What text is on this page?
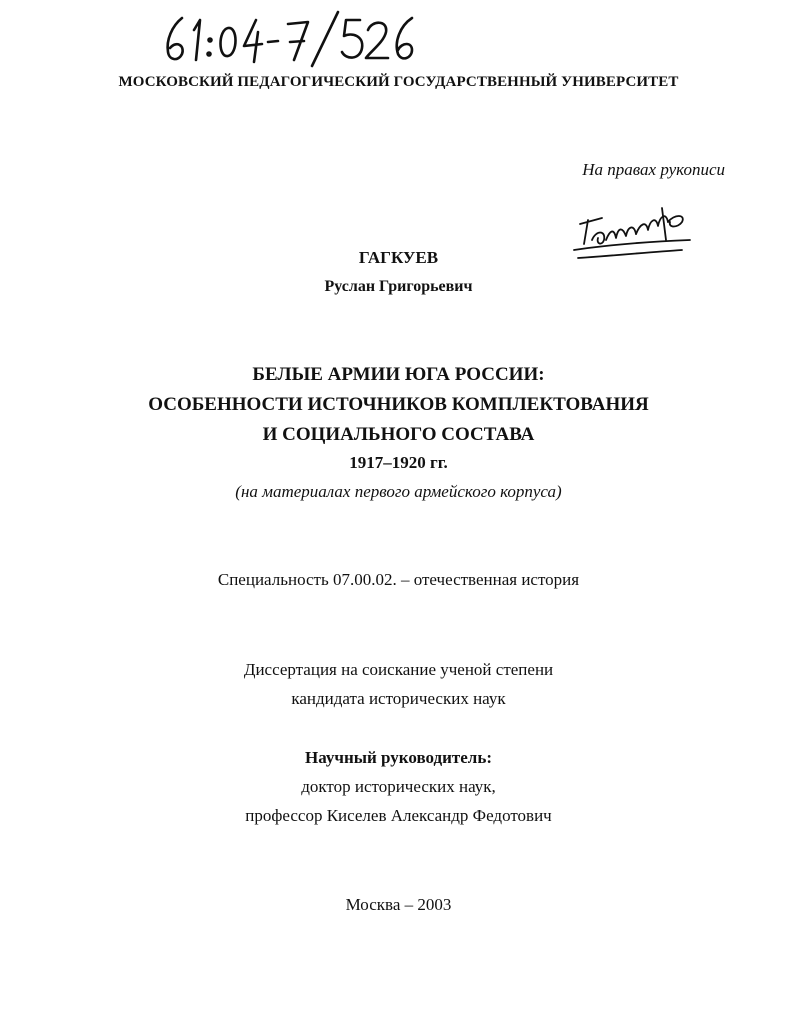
МОСКОВСКИЙ ПЕДАГОГИЧЕСКИЙ ГОСУДАРСТВЕННЫЙ УНИВЕРСИТЕТ
На правах рукописи
ГАГКУЕВ
Руслан Григорьевич
БЕЛЫЕ АРМИИ ЮГА РОССИИ:
ОСОБЕННОСТИ ИСТОЧНИКОВ КОМПЛЕКТОВАНИЯ
И СОЦИАЛЬНОГО СОСТАВА
1917–1920 гг.
(на материалах первого армейского корпуса)
Специальность 07.00.02. – отечественная история
Диссертация на соискание ученой степени
кандидата исторических наук
Научный руководитель:
доктор исторических наук,
профессор Киселев Александр Федотович
Москва – 2003
